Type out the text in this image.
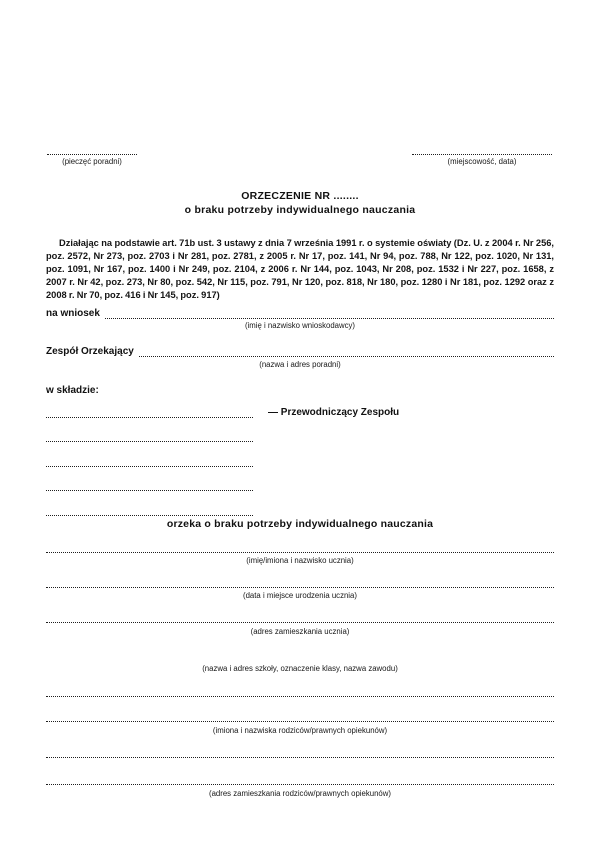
(pieczęć poradni)	(miejscowość, data)
ORZECZENIE NR ........
o braku potrzeby indywidualnego nauczania

Działając na podstawie art. 71b ust. 3 ustawy z dnia 7 września 1991 r. o systemie oświaty (Dz. U. z 2004 r. Nr 256, poz. 2572, Nr 273, poz. 2703 i Nr 281, poz. 2781, z 2005 r. Nr 17, poz. 141, Nr 94, poz. 788, Nr 122, poz. 1020, Nr 131, poz. 1091, Nr 167, poz. 1400 i Nr 249, poz. 2104, z 2006 r. Nr 144, poz. 1043, Nr 208, poz. 1532 i Nr 227, poz. 1658, z 2007 r. Nr 42, poz. 273, Nr 80, poz. 542, Nr 115, poz. 791, Nr 120, poz. 818, Nr 180, poz. 1280 i Nr 181, poz. 1292 oraz z 2008 r. Nr 70, poz. 416 i Nr 145, poz. 917)

na wniosek
(imię i nazwisko wnioskodawcy)
Zespół Orzekający
(nazwa i adres poradni)
w składzie:
— Przewodniczący Zespołu
orzeka o braku potrzeby indywidualnego nauczania
(imię/imiona i nazwisko ucznia)
(data i miejsce urodzenia ucznia)
(adres zamieszkania ucznia)
(nazwa i adres szkoły, oznaczenie klasy, nazwa zawodu)
(imiona i nazwiska rodziców/prawnych opiekunów)
(adres zamieszkania rodziców/prawnych opiekunów)
